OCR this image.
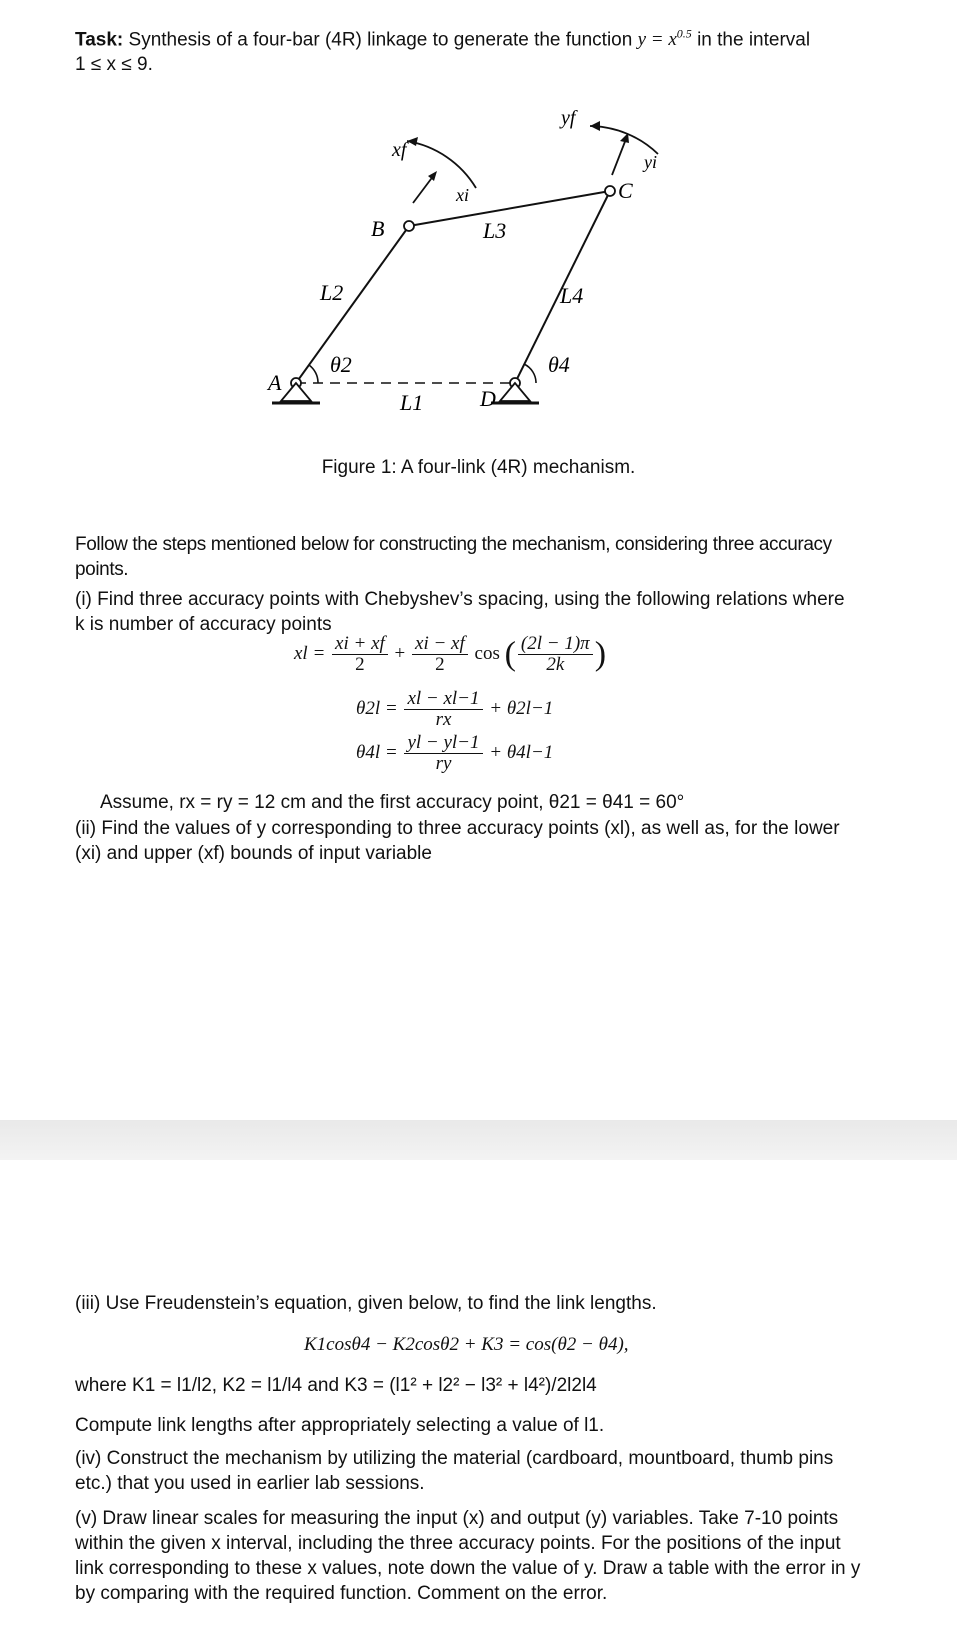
Task: Synthesis of a four-bar (4R) linkage to generate the function $y = x^{0.5}$ in the interval
1 ≤ x ≤ 9.
A
B
C
D
L1
L2
L3
L4
θ2	θ4
xf
xi
yf
yi
Figure 1: A four-link (4R) mechanism.
Follow the steps mentioned below for constructing the mechanism, considering three accuracy points.
(i) Find three accuracy points with Chebyshev’s spacing, using the following relations where k is number of accuracy points
xl = $\frac{xi + xf}{2} + \frac{xi - xf}{2}$ cos ( $\frac{(2l - 1)\pi}{2k}$ )
$\theta 2l = \frac{xl - xl-1}{rx} + \theta 2l-1$
$\theta 4l = \frac{yl - yl-1}{ry} + \theta 4l-1$
Assume, rx = ry = 12 cm and the first accuracy point, θ21 = θ41 = 60°
(ii) Find the values of y corresponding to three accuracy points (xl), as well as, for the lower (xi) and upper (xf) bounds of input variable
(iii) Use Freudenstein’s equation, given below, to find the link lengths.
K1cosθ4 − K2cosθ2 + K3 = cos(θ2 − θ4),
where K1 = l1/l2, K2 = l1/l4 and K3 = (l1² + l2² − l3² + l4²)/2l2l4
Compute link lengths after appropriately selecting a value of l1.
(iv) Construct the mechanism by utilizing the material (cardboard, mountboard, thumb pins etc.) that you used in earlier lab sessions.
(v) Draw linear scales for measuring the input (x) and output (y) variables. Take 7-10 points within the given x interval, including the three accuracy points. For the positions of the input link corresponding to these x values, note down the value of y. Draw a table with the error in y by comparing with the required function. Comment on the error.
